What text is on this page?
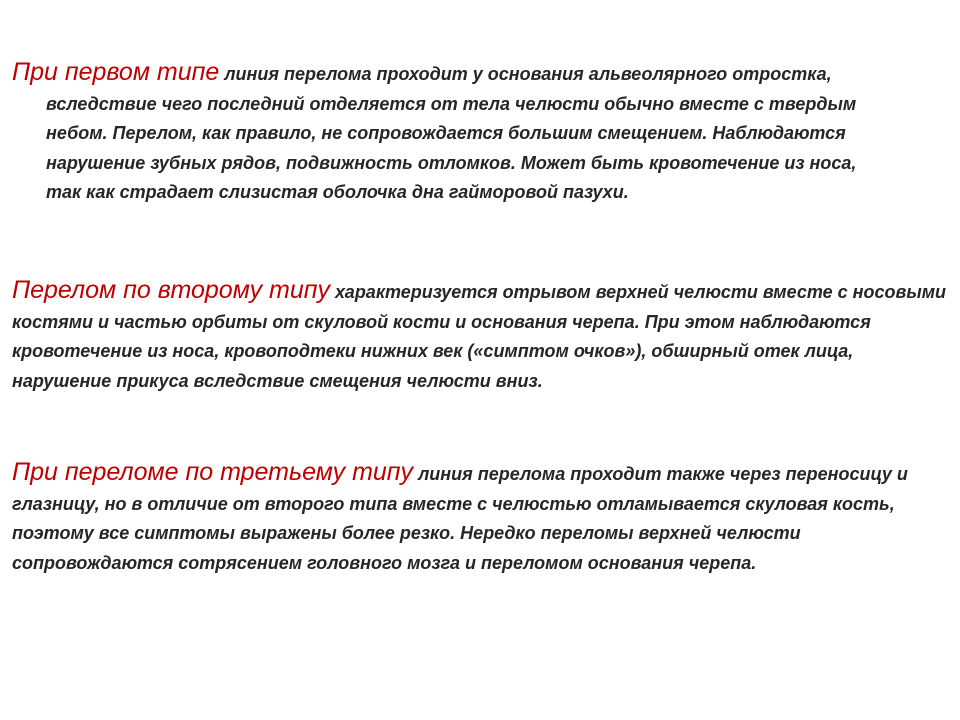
При первом типе линия перелома проходит у основания альвеолярного отростка, вследствие чего последний отделяется от тела челюсти обычно вместе с твердым небом. Перелом, как правило, не сопровождается большим смещением. Наблюдаются нарушение зубных рядов, подвижность отломков. Может быть кровотечение из носа, так как страдает слизистая оболочка дна гайморовой пазухи.

Перелом по второму типу характеризуется отрывом верхней челюсти вместе с носовыми костями и частью орбиты от скуловой кости и основания черепа. При этом наблюдаются кровотечение из носа, кровоподтеки нижних век («симптом очков»), обширный отек лица, нарушение прикуса вследствие смещения челюсти вниз.

При переломе по третьему типу линия перелома проходит также через переносицу и глазницу, но в отличие от второго типа вместе с челюстью отламывается скуловая кость, поэтому все симптомы выражены более резко. Нередко переломы верхней челюсти сопровождаются сотрясением головного мозга и переломом основания черепа.
